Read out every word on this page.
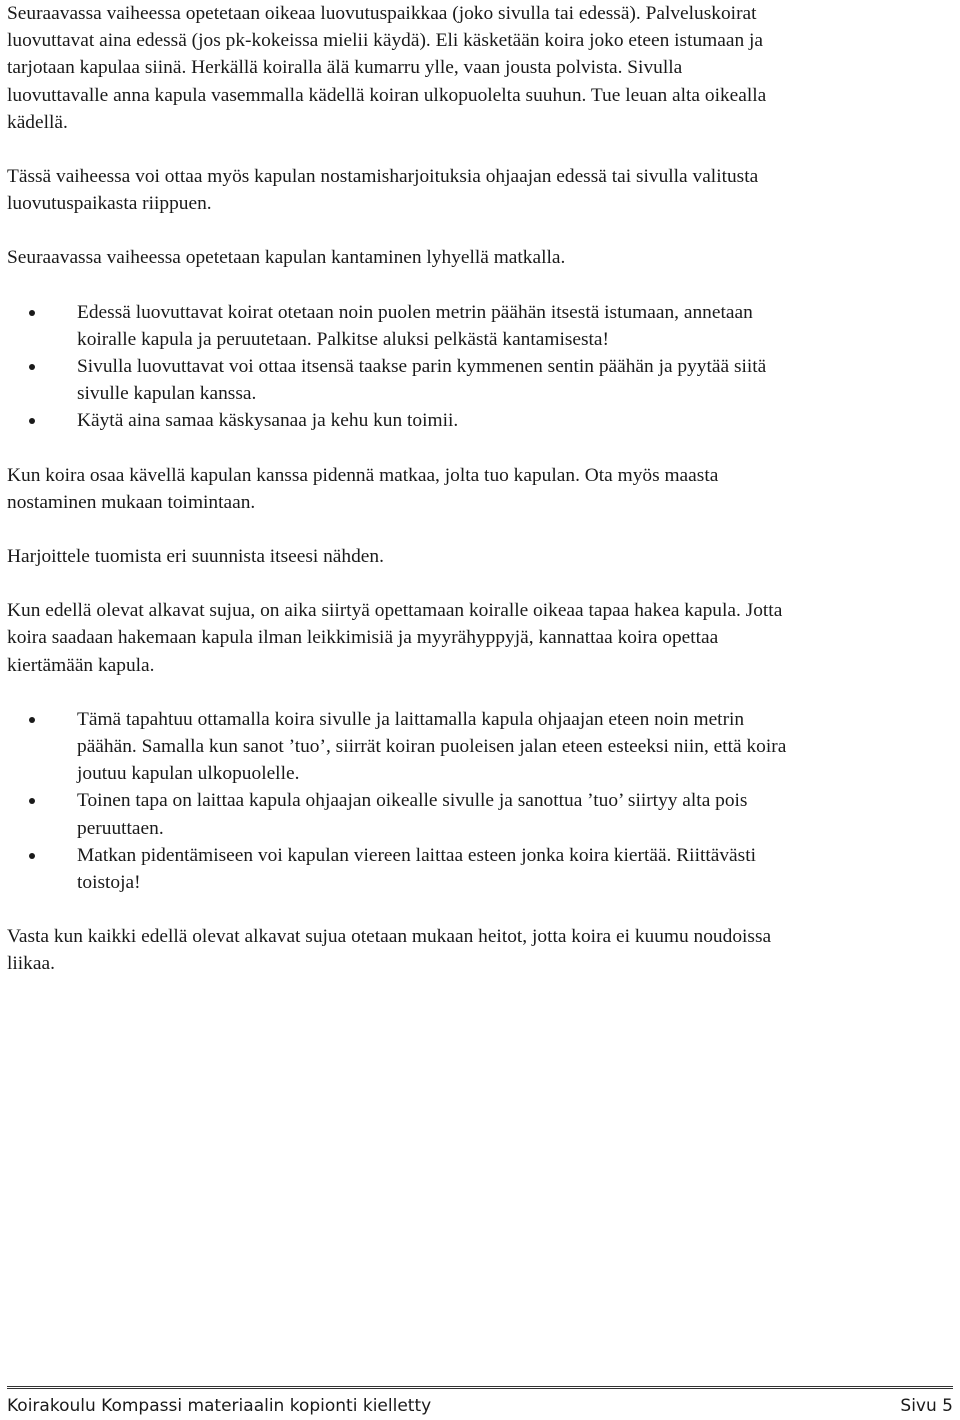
Seuraavassa vaiheessa opetetaan oikeaa luovutuspaikkaa (joko sivulla tai edessä). Palveluskoirat
luovuttavat aina edessä (jos pk-kokeissa mielii käydä). Eli käsketään koira joko eteen istumaan ja
tarjotaan kapulaa siinä. Herkällä koiralla älä kumarru ylle, vaan jousta polvista. Sivulla
luovuttavalle anna kapula vasemmalla kädellä koiran ulkopuolelta suuhun. Tue leuan alta oikealla
kädellä.

Tässä vaiheessa voi ottaa myös kapulan nostamisharjoituksia ohjaajan edessä tai sivulla valitusta
luovutuspaikasta riippuen.

Seuraavassa vaiheessa opetetaan kapulan kantaminen lyhyellä matkalla.

Edessä luovuttavat koirat otetaan noin puolen metrin päähän itsestä istumaan, annetaan
koiralle kapula ja peruutetaan. Palkitse aluksi pelkästä kantamisesta!
Sivulla luovuttavat voi ottaa itsensä taakse parin kymmenen sentin päähän ja pyytää siitä
sivulle kapulan kanssa.
Käytä aina samaa käskysanaa ja kehu kun toimii.

Kun koira osaa kävellä kapulan kanssa pidennä matkaa, jolta tuo kapulan. Ota myös maasta
nostaminen mukaan toimintaan.

Harjoittele tuomista eri suunnista itseesi nähden.

Kun edellä olevat alkavat sujua, on aika siirtyä opettamaan koiralle oikeaa tapaa hakea kapula. Jotta
koira saadaan hakemaan kapula ilman leikkimisiä ja myyrähyppyjä, kannattaa koira opettaa
kiertämään kapula.

Tämä tapahtuu ottamalla koira sivulle ja laittamalla kapula ohjaajan eteen noin metrin
päähän. Samalla kun sanot ’tuo’, siirrät koiran puoleisen jalan eteen esteeksi niin, että koira
joutuu kapulan ulkopuolelle.
Toinen tapa on laittaa kapula ohjaajan oikealle sivulle ja sanottua ’tuo’ siirtyy alta pois
peruuttaen.
Matkan pidentämiseen voi kapulan viereen laittaa esteen jonka koira kiertää. Riittävästi
toistoja!

Vasta kun kaikki edellä olevat alkavat sujua otetaan mukaan heitot, jotta koira ei kuumu noudoissa
liikaa.

Koirakoulu Kompassi materiaalin kopionti kielletty	Sivu 5
